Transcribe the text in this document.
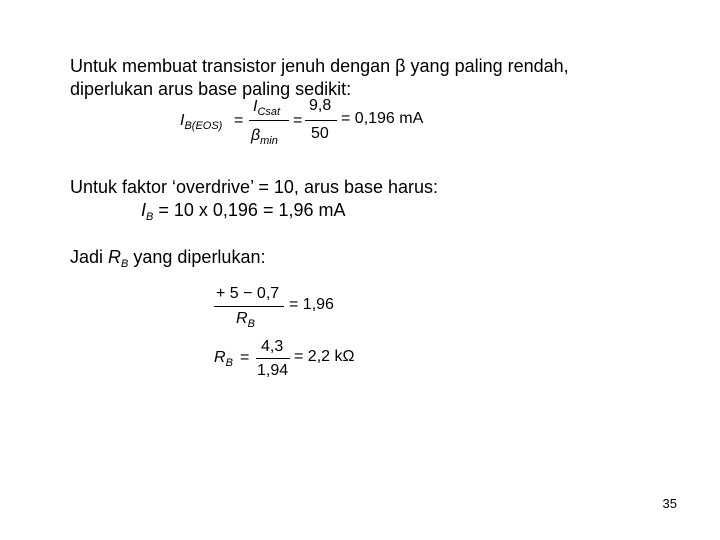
Untuk membuat transistor jenuh dengan β yang paling rendah,
diperlukan arus base paling sedikit:
$I_{B(EOS)}$ =
$I_{Csat}$
$\beta_{min}$
=
9,8
50
= 0,196 mA
Untuk faktor ‘overdrive’ = 10, arus base harus:
$I_B = 10$ x 0,196 = 1,96 mA
Jadi $R_B$ yang diperlukan:
+ 5 − 0,7
$R_B$
= 1,96
$R_B$ =
4,3
1,94
= 2,2 kΩ
35
